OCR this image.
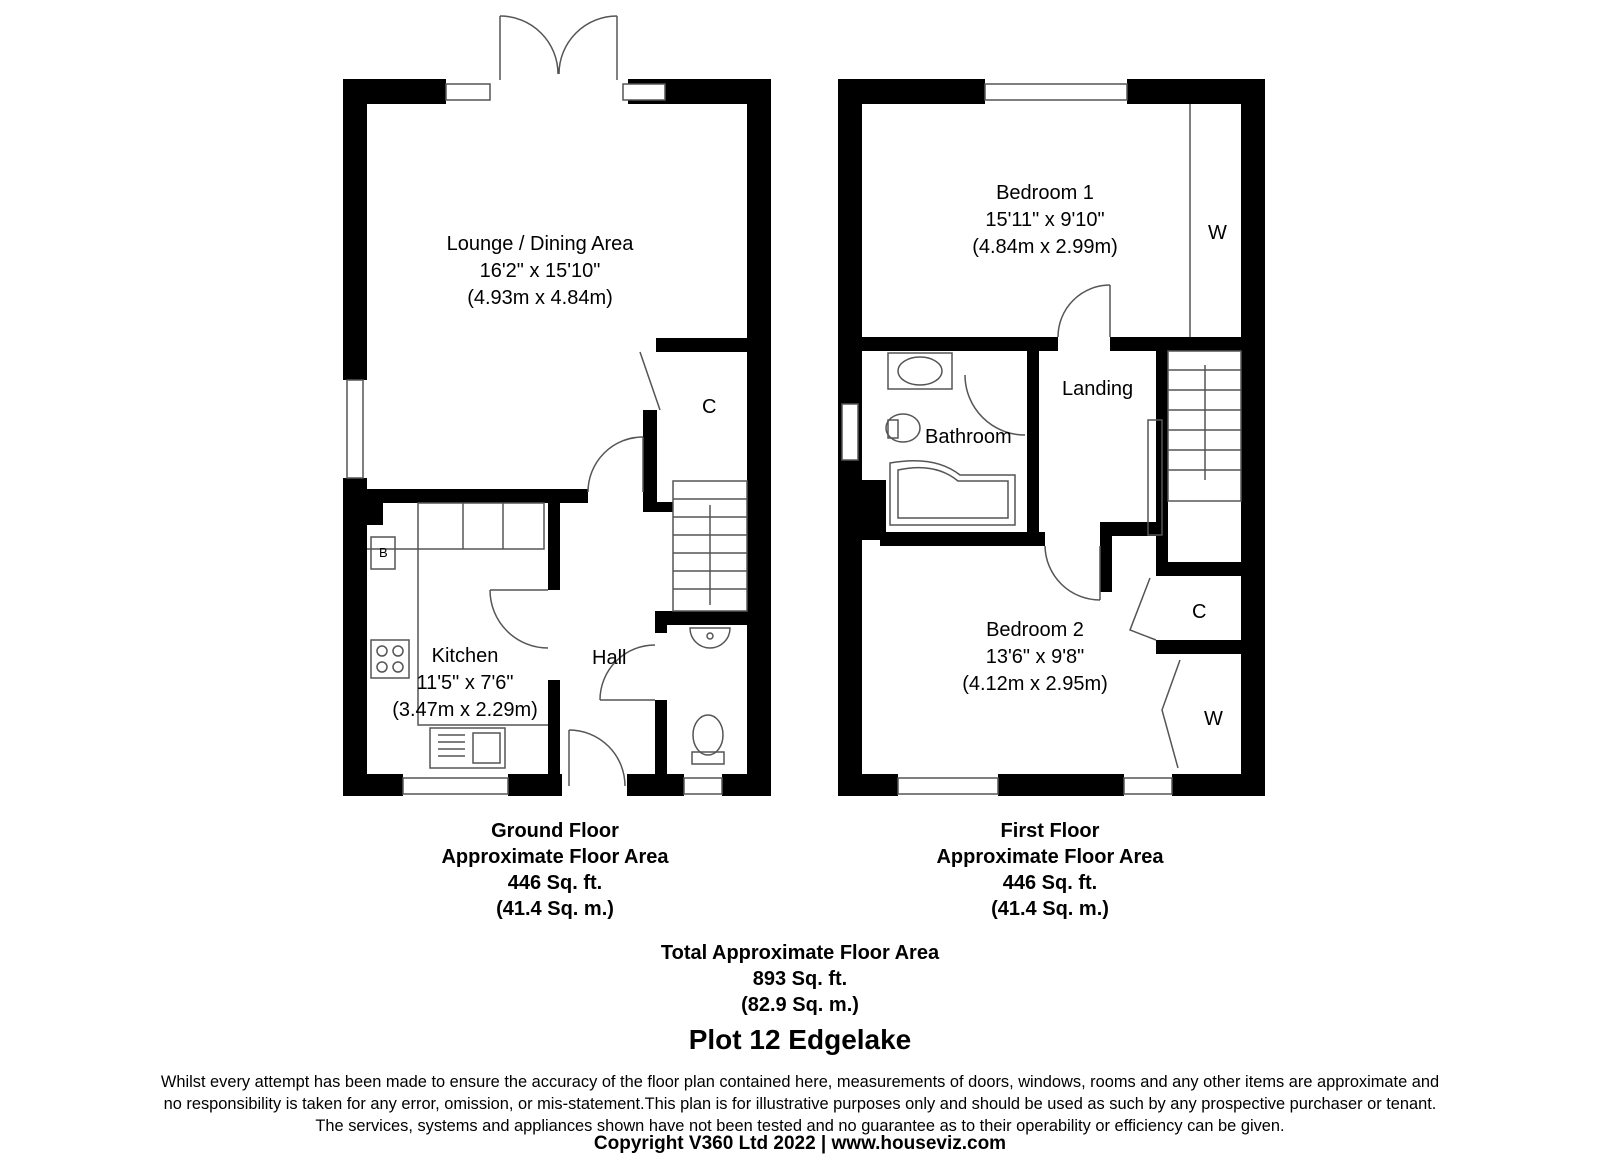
Lounge / Dining Area
16'2" x 15'10"
(4.93m x 4.84m)
Kitchen
11'5" x 7'6"
(3.47m x 2.29m)
Hall
C
B
Bedroom 1
15'11" x 9'10"
(4.84m x 2.99m)
Bedroom 2
13'6" x 9'8"
(4.12m x 2.95m)
Landing
Bathroom
W
W
C
Ground Floor
Approximate Floor Area
446 Sq. ft.
(41.4 Sq. m.)
First Floor
Approximate Floor Area
446 Sq. ft.
(41.4 Sq. m.)
Total Approximate Floor Area
893 Sq. ft.
(82.9 Sq. m.)
Plot 12 Edgelake
Whilst every attempt has been made to ensure the accuracy of the floor plan contained here, measurements of doors, windows, rooms and any other items are approximate and
no responsibility is taken for any error, omission, or mis-statement.This plan is for illustrative purposes only and should be used as such by any prospective purchaser or tenant.
The services, systems and appliances shown have not been tested and no guarantee as to their operability or efficiency can be given.
Copyright V360 Ltd 2022 | www.houseviz.com
